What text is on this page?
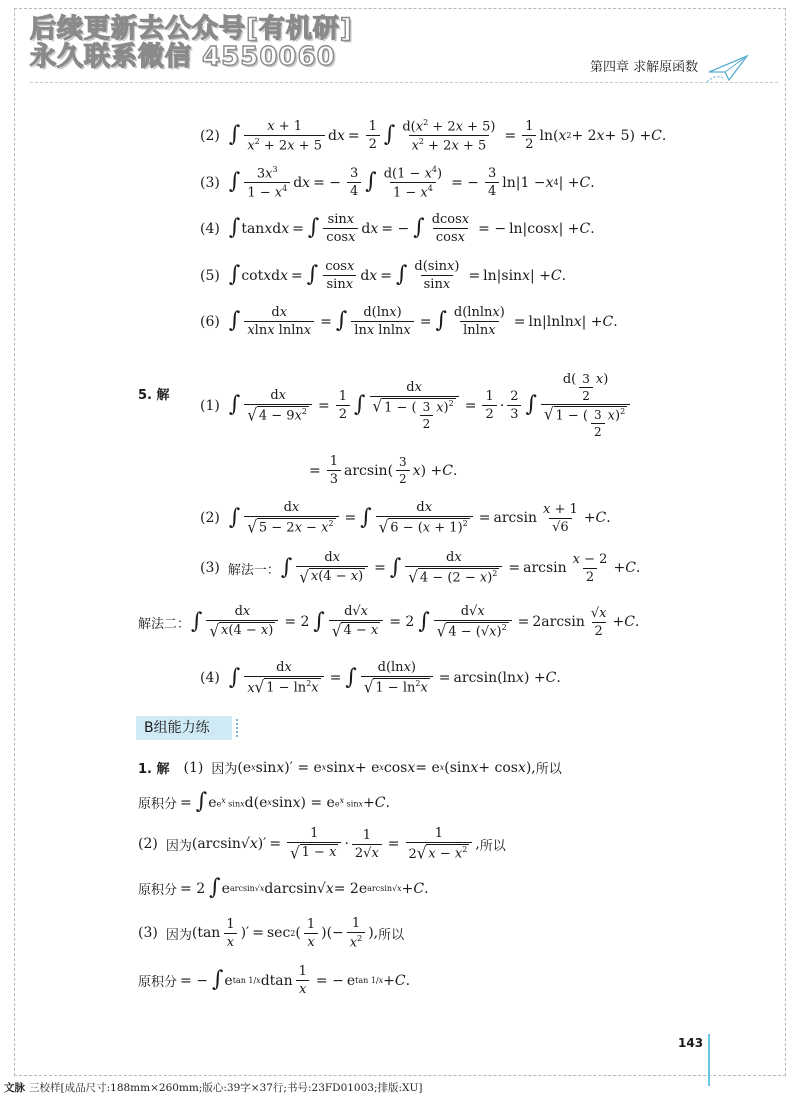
后续更新去公众号[有机研]
永久联系微信 4550060	第四章 求解原函数
(2) ∫ $\frac{x + 1}{x^2 + 2x + 5}$ d $x = \frac{1}{2}$ ∫ $\frac{d(x^2 + 2x + 5)}{x^2 + 2x + 5} = \frac{1}{2} \ln$( x 2 + 2 x + 5) + C .
(3) ∫ $\frac{3x^3}{1 - x^4}$ d x = − $\frac{3}{4}$ ∫ $\frac{d(1 - x^4)}{1 - x^4}$ = − $\frac{3}{4} \ln|1 - x$ 4 | + C .
(4) ∫ tan x d x = ∫ $\frac{\sin x}{\cos x}$ d x = − ∫ $\frac{dcosx}{\cos x}$ = − ln|cos x | + C .
(5) ∫ cot x d x = ∫ $\frac{\cos x}{\sin x}$ d x = ∫ $\frac{d(\sin x)}{\sin x} = \ln|\sin$ x | + C .
(6) ∫ $\frac{dx}{\text{xlnx lnlnx}}$ = ∫ $\frac{d(\ln x)}{\text{lnx lnlnx}}$ = ∫ $\frac{d(lnlnx)}{lnlnx} = \ln|lnln$ x | + C .
5. 解
(1) ∫ $\frac{dx}{√ 4 - 9x^2} = \frac{1}{2}$ ∫ $\frac{dx}{√ 1 - ( \frac{3}{2} x)^2} = \frac{1}{2} \cdot \frac{2}{3}$ ∫ $\frac{d( \frac{3}{2} x)}{√ 1 - ( \frac{3}{2} x)^2}$
= $\frac{1}{3} \arcsin( \frac{3}{2}$ x ) + C .
(2) ∫ $\frac{dx}{√ 5 - 2x - x^2}$ = ∫ $\frac{dx}{√ 6 - (x + 1)^2} = \arcsin \frac{x + 1}{√6} + C$ .
(3) 解法一： ∫ $\frac{dx}{√ x(4 - x)}$ = ∫ $\frac{dx}{√ 4 - (2 - x)^2} = \arcsin \frac{x - 2}{2} + C$ .
解法二： ∫ $\frac{dx}{√ x(4 - x)} = 2$ ∫ $\frac{d√x}{√ 4 - x} = 2$ ∫ $\frac{d√x}{√ 4 - (√x)^2} = 2\arcsin \frac{√x}{2} + C$ .
(4) ∫ $\frac{dx}{x √ 1 - \ln^2x}$ = ∫ $\frac{d(\ln x)}{√ 1 - \ln^2x} = \arcsin(\ln$ x ) + C .
B组能力练
1. 解 (1) 因为 (e x sin x )′ = e x sin x + e x cos x = e x (sin x + cos x ), 所以
原积分 = ∫ e $e^x$ sinx d(e x sin x ) = e $e^x$ sinx + C .
(2) 因为 (arcsin√ x )′ = $\frac{1}{√ 1 - x} \cdot \frac{1}{2√x} = \frac{1}{2 √ x - x^2}$ , 所以
原积分 = 2 ∫ e arcsin√x darcsin√ x = 2e arcsin√x + C .
(3) 因为 ($\tan \frac{1}{x}$ )′ = sec 2 ( $\frac{1}{x}$ )(− $\frac{1}{x^2}$ ), 所以
原积分 = − ∫ e tan 1/x dtan $\frac{1}{x}$ = − e tan 1/x + C .
143
文脉 三校样[成品尺寸:188mm×260mm;版心:39字×37行;书号:23FD01003;排版:XU]
